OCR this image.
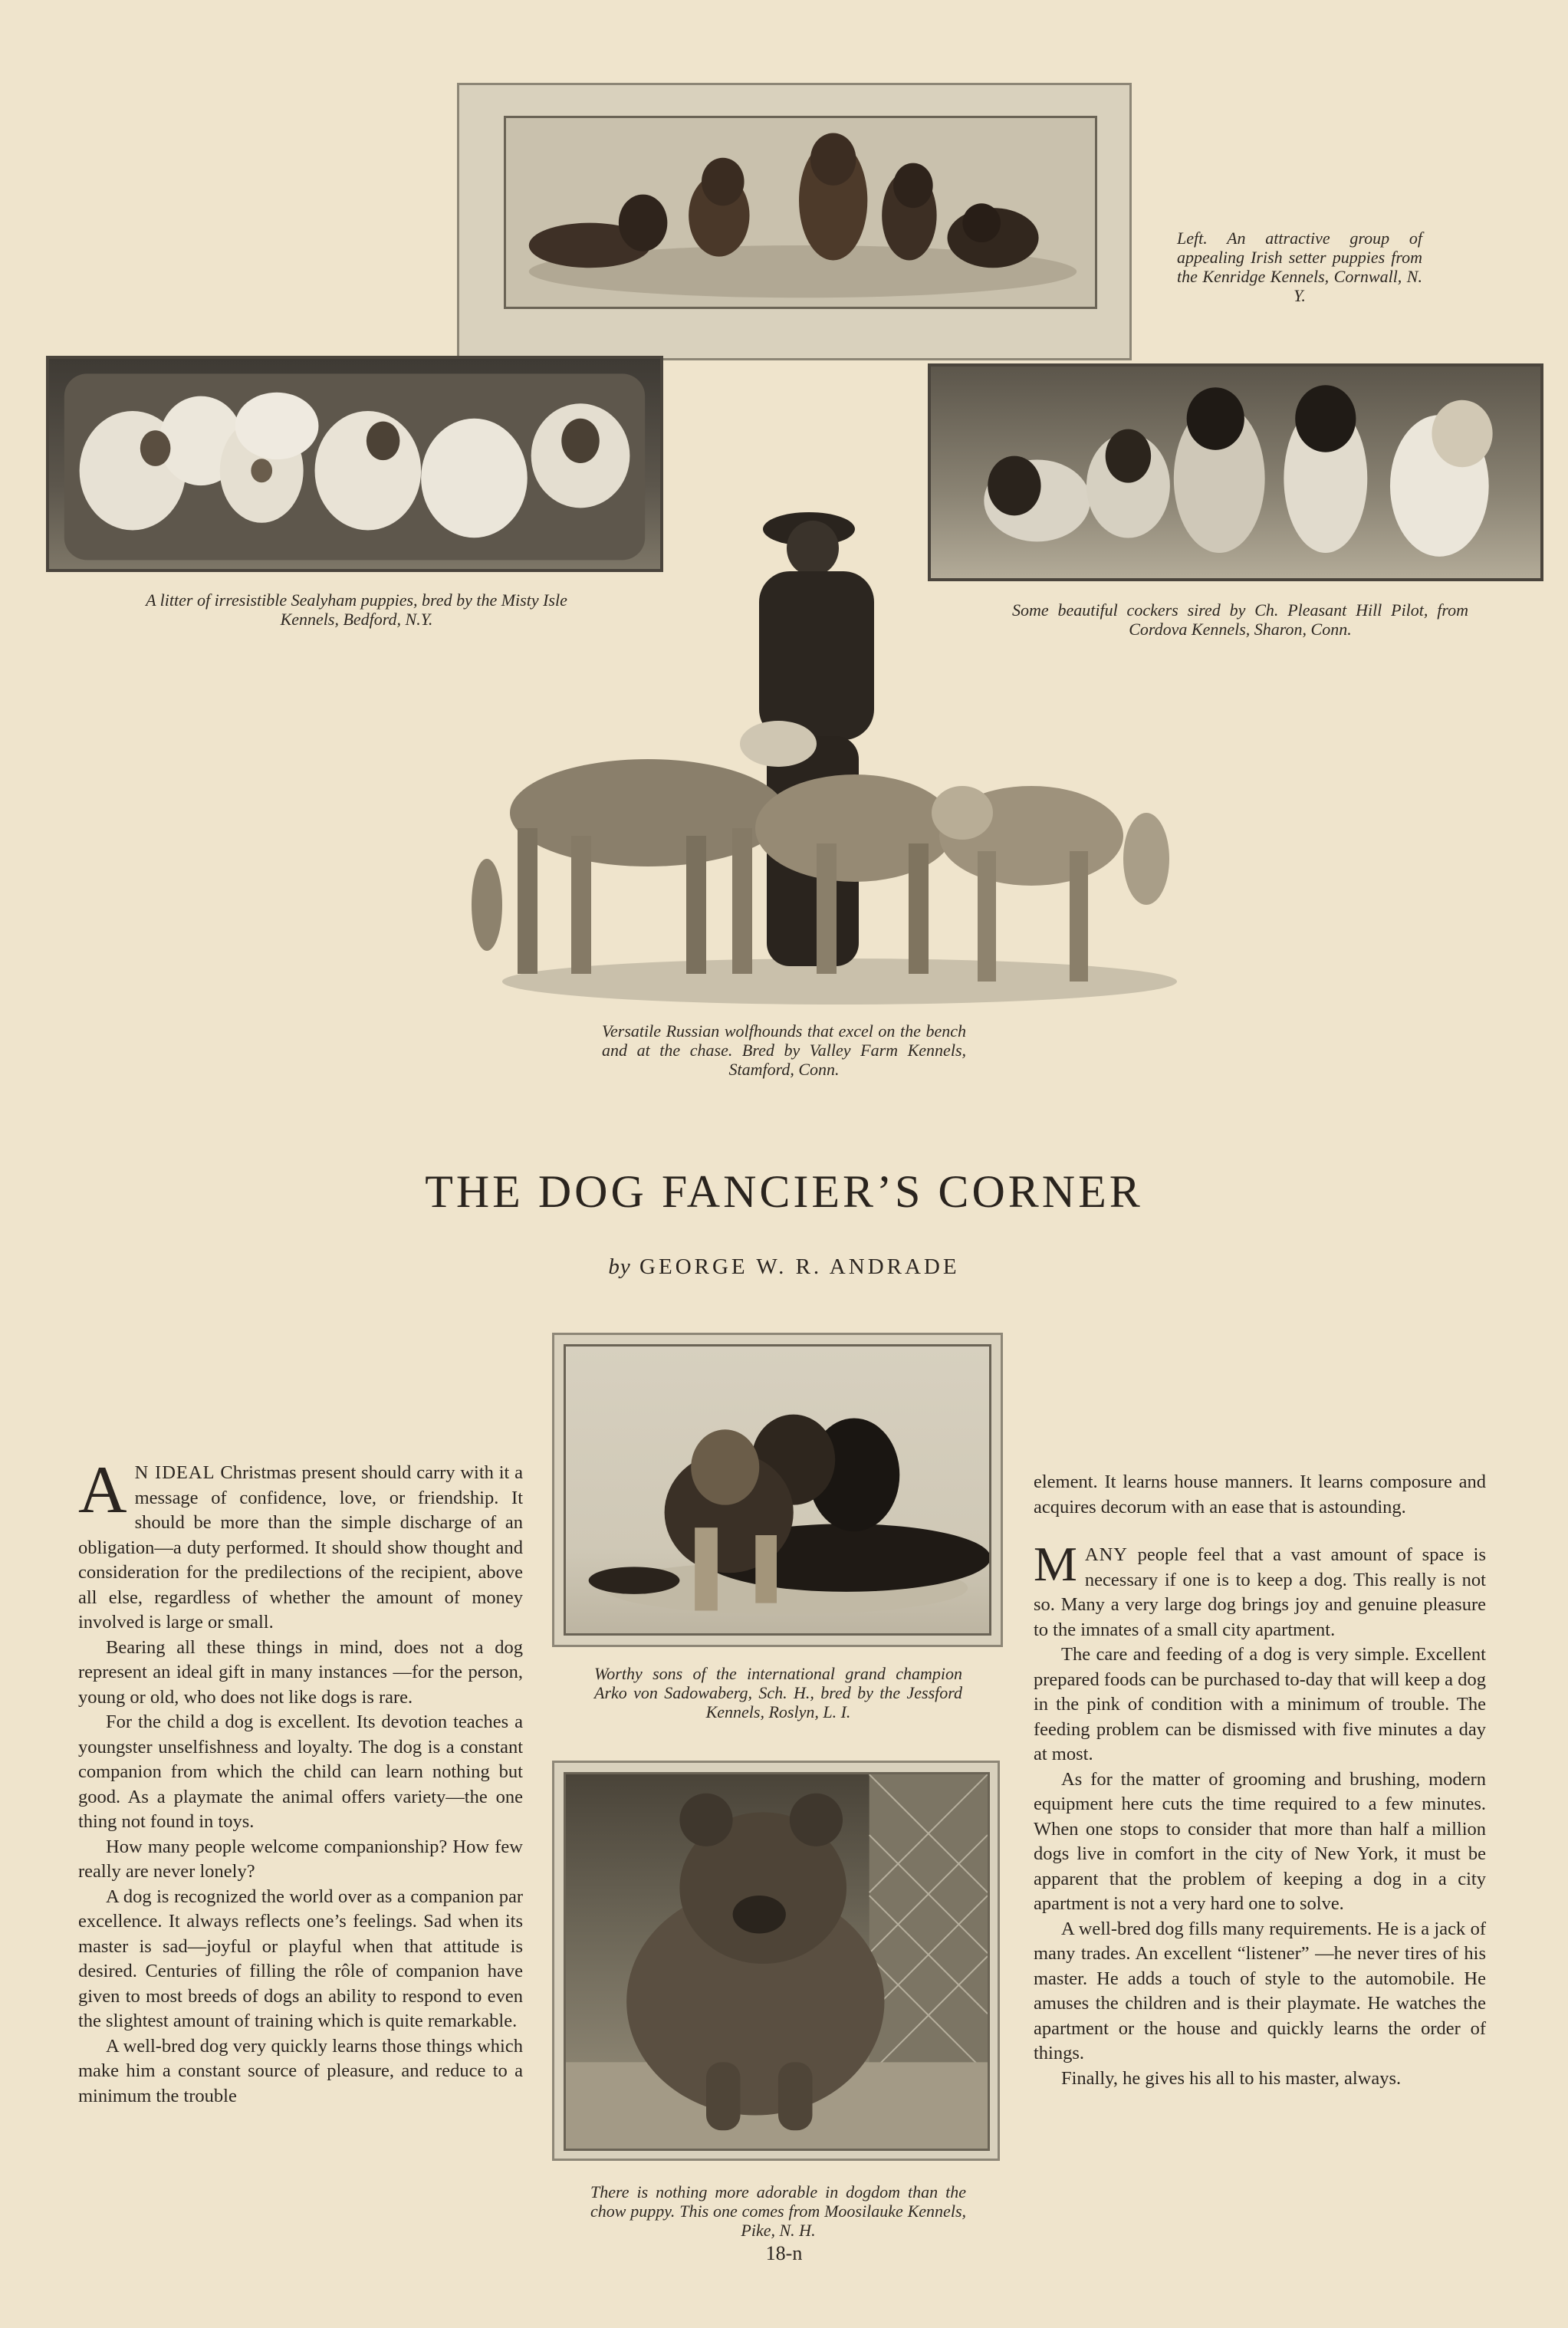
Left. An attractive group of appealing Irish setter puppies from the Kenridge Kennels, Cornwall, N. Y.
A litter of irresistible Sealyham puppies, bred by the Misty Isle Kennels, Bedford, N.Y.	Some beautiful cockers sired by Ch. Pleasant Hill Pilot, from Cordova Kennels, Sharon, Conn.
Versatile Russian wolfhounds that excel on the bench and at the chase. Bred by Valley Farm Kennels, Stamford, Conn.
THE DOG FANCIER’S CORNER
by GEORGE W. R. ANDRADE
Worthy sons of the international grand champion Arko von Sadowaberg, Sch. H., bred by the Jessford Kennels, Roslyn, L. I.
There is nothing more adorable in dogdom than the chow puppy. This one comes from Moosilauke Kennels, Pike, N. H.

A N IDEAL Christmas present should carry with it a message of confidence, love, or friendship. It should be more than the simple discharge of an obligation—a duty performed. It should show thought and consideration for the predilections of the recipient, above all else, regardless of whether the amount of money involved is large or small.

Bearing all these things in mind, does not a dog represent an ideal gift in many instances —for the person, young or old, who does not like dogs is rare.

For the child a dog is excellent. Its devotion teaches a youngster unselfishness and loyalty. The dog is a constant companion from which the child can learn nothing but good. As a playmate the animal offers variety—the one thing not found in toys.

How many people welcome companionship? How few really are never lonely?

A dog is recognized the world over as a companion par excellence. It always reflects one’s feelings. Sad when its master is sad—joyful or playful when that attitude is desired. Centuries of filling the rôle of companion have given to most breeds of dogs an ability to respond to even the slightest amount of training which is quite remarkable.

A well-bred dog very quickly learns those things which make him a constant source of pleasure, and reduce to a minimum the trouble

element. It learns house manners. It learns composure and acquires decorum with an ease that is astounding.

MANY people feel that a vast amount of space is necessary if one is to keep a dog. This really is not so. Many a very large dog brings joy and genuine pleasure to the imnates of a small city apartment.

The care and feeding of a dog is very simple. Excellent prepared foods can be purchased to-day that will keep a dog in the pink of condition with a minimum of trouble. The feeding problem can be dismissed with five minutes a day at most.

As for the matter of grooming and brushing, modern equipment here cuts the time required to a few minutes. When one stops to consider that more than half a million dogs live in comfort in the city of New York, it must be apparent that the problem of keeping a dog in a city apartment is not a very hard one to solve.

A well-bred dog fills many requirements. He is a jack of many trades. An excellent “listener” —he never tires of his master. He adds a touch of style to the automobile. He amuses the children and is their playmate. He watches the apartment or the house and quickly learns the order of things.

Finally, he gives his all to his master, always.

18-n
